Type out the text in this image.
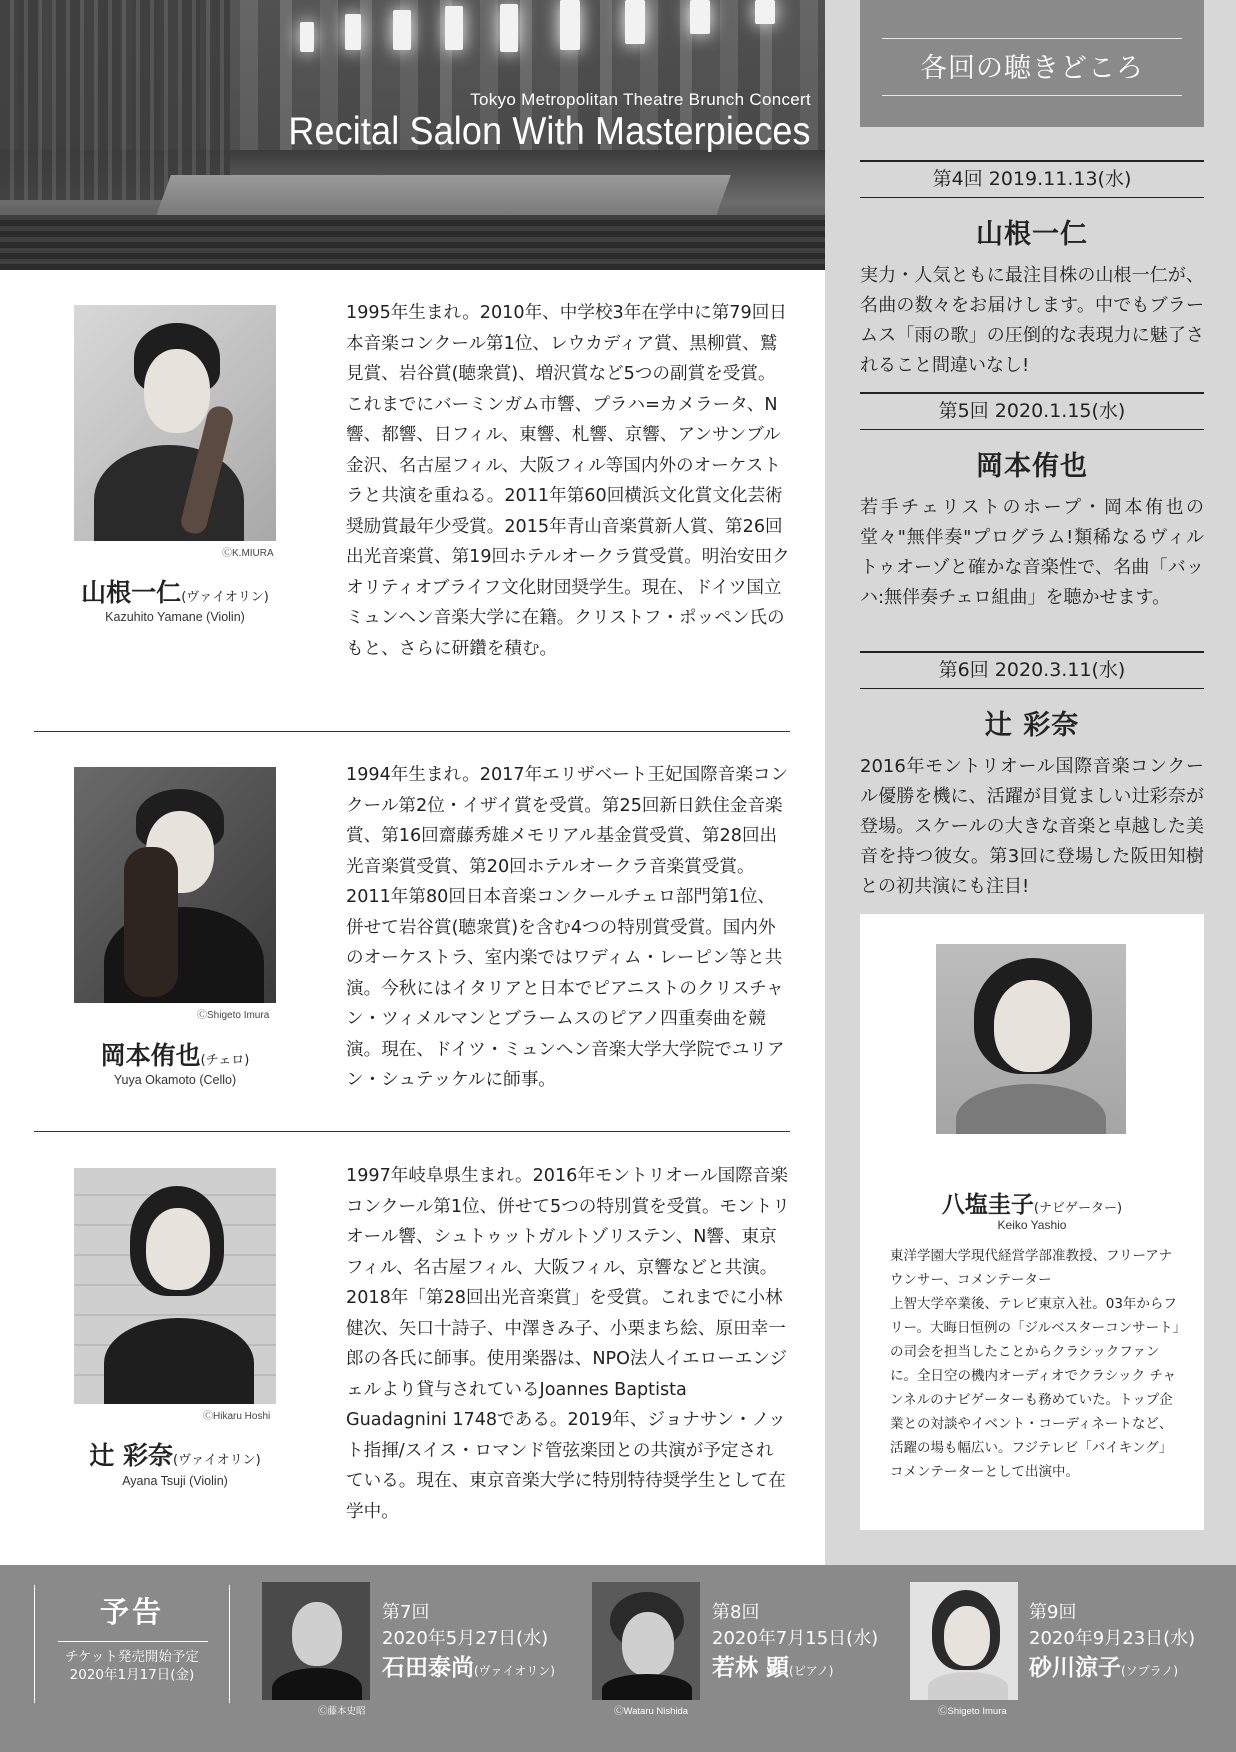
Tokyo Metropolitan Theatre Brunch Concert
Recital Salon With Masterpieces
各回の聴きどころ
第4回 2019.11.13(水)
山根一仁
実力・人気ともに最注目株の山根一仁が、名曲の数々をお届けします。中でもブラームス「雨の歌」の圧倒的な表現力に魅了されること間違いなし!
第5回 2020.1.15(水)
岡本侑也
若手チェリストのホープ・岡本侑也の堂々"無伴奏"プログラム!類稀なるヴィルトゥオーゾと確かな音楽性で、名曲「バッハ:無伴奏チェロ組曲」を聴かせます。
第6回 2020.3.11(水)
辻 彩奈
2016年モントリオール国際音楽コンクール優勝を機に、活躍が目覚ましい辻彩奈が登場。スケールの大きな音楽と卓越した美音を持つ彼女。第3回に登場した阪田知樹との初共演にも注目!
八塩圭子(ナビゲーター)
Keiko Yashio

東洋学園大学現代経営学部准教授、フリーアナウンサー、コメンテーター

上智大学卒業後、テレビ東京入社。03年からフリー。大晦日恒例の「ジルベスターコンサート」の司会を担当したことからクラシックファンに。全日空の機内オーディオでクラシック チャンネルのナビゲーターも務めていた。トップ企業との対談やイベント・コーディネートなど、活躍の場も幅広い。フジテレビ「バイキング」コメンテーターとして出演中。

ⒸK.MIURA
山根一仁(ヴァイオリン)
Kazuhito Yamane (Violin)

1995年生まれ。2010年、中学校3年在学中に第79回日本音楽コンクール第1位、レウカディア賞、黒柳賞、鷲見賞、岩谷賞(聴衆賞)、増沢賞など5つの副賞を受賞。

これまでにバーミンガム市響、プラハ=カメラータ、N響、都響、日フィル、東響、札響、京響、アンサンブル金沢、名古屋フィル、大阪フィル等国内外のオーケストラと共演を重ねる。2011年第60回横浜文化賞文化芸術奨励賞最年少受賞。2015年青山音楽賞新人賞、第26回出光音楽賞、第19回ホテルオークラ賞受賞。明治安田クオリティオブライフ文化財団奨学生。現在、ドイツ国立ミュンヘン音楽大学に在籍。クリストフ・ポッペン氏のもと、さらに研鑽を積む。

ⒸShigeto Imura
岡本侑也(チェロ)
Yuya Okamoto (Cello)

1994年生まれ。2017年エリザベート王妃国際音楽コンクール第2位・イザイ賞を受賞。第25回新日鉄住金音楽賞、第16回齋藤秀雄メモリアル基金賞受賞、第28回出光音楽賞受賞、第20回ホテルオークラ音楽賞受賞。2011年第80回日本音楽コンクールチェロ部門第1位、併せて岩谷賞(聴衆賞)を含む4つの特別賞受賞。国内外のオーケストラ、室内楽ではワディム・レーピン等と共演。今秋にはイタリアと日本でピアニストのクリスチャン・ツィメルマンとブラームスのピアノ四重奏曲を競演。現在、ドイツ・ミュンヘン音楽大学大学院でユリアン・シュテッケルに師事。

ⒸHikaru Hoshi
辻 彩奈(ヴァイオリン)
Ayana Tsuji (Violin)

1997年岐阜県生まれ。2016年モントリオール国際音楽コンクール第1位、併せて5つの特別賞を受賞。モントリオール響、シュトゥットガルトゾリステン、N響、東京フィル、名古屋フィル、大阪フィル、京響などと共演。2018年「第28回出光音楽賞」を受賞。これまでに小林健次、矢口十詩子、中澤きみ子、小栗まち絵、原田幸一郎の各氏に師事。使用楽器は、NPO法人イエローエンジェルより貸与されているJoannes Baptista Guadagnini 1748である。2019年、ジョナサン・ノット指揮/スイス・ロマンド管弦楽団との共演が予定されている。現在、東京音楽大学に特別特待奨学生として在学中。

予告
チケット発売開始予定
2020年1月17日(金)
Ⓒ藤本史昭
第7回
2020年5月27日(水)
石田泰尚(ヴァイオリン)
ⒸWataru Nishida
第8回
2020年7月15日(水)
若林 顕(ピアノ)
ⒸShigeto Imura
第9回
2020年9月23日(水)
砂川涼子(ソプラノ)
